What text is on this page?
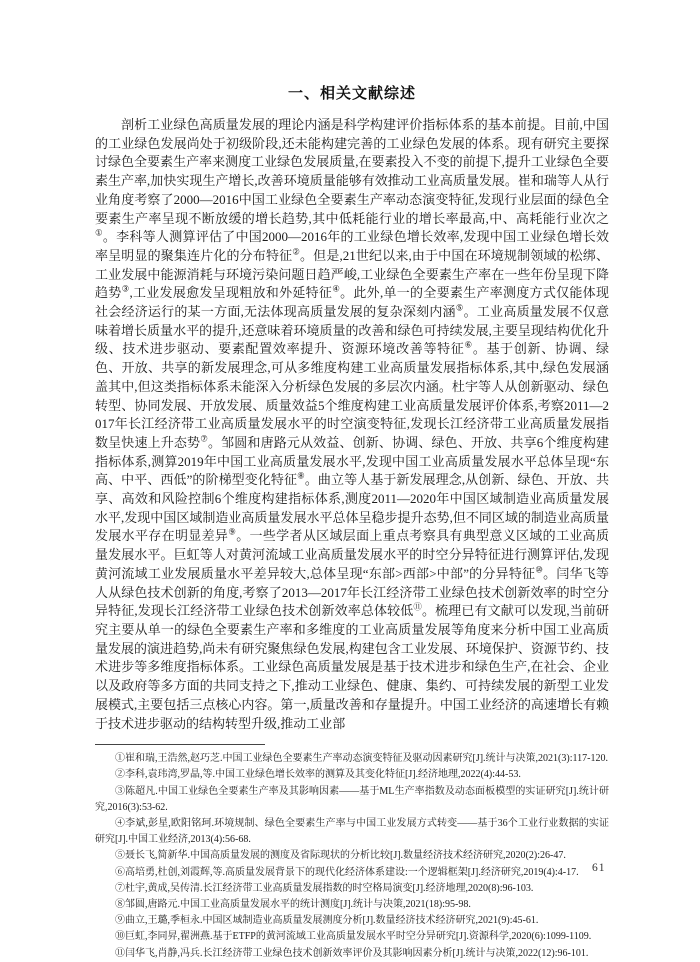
一、相关文献综述

剖析工业绿色高质量发展的理论内涵是科学构建评价指标体系的基本前提。目前,中国的工业绿色发展尚处于初级阶段,还未能构建完善的工业绿色发展的体系。现有研究主要探讨绿色全要素生产率来测度工业绿色发展质量,在要素投入不变的前提下,提升工业绿色全要素生产率,加快实现生产增长,改善环境质量能够有效推动工业高质量发展。崔和瑞等人从行业角度考察了2000—2016中国工业绿色全要素生产率动态演变特征,发现行业层面的绿色全要素生产率呈现不断放缓的增长趋势,其中低耗能行业的增长率最高,中、高耗能行业次之①。李科等人测算评估了中国2000—2016年的工业绿色增长效率,发现中国工业绿色增长效率呈明显的聚集连片化的分布特征②。但是,21世纪以来,由于中国在环境规制领域的松绑、工业发展中能源消耗与环境污染问题日趋严峻,工业绿色全要素生产率在一些年份呈现下降趋势③,工业发展愈发呈现粗放和外延特征④。此外,单一的全要素生产率测度方式仅能体现社会经济运行的某一方面,无法体现高质量发展的复杂深刻内涵⑤。工业高质量发展不仅意味着增长质量水平的提升,还意味着环境质量的改善和绿色可持续发展,主要呈现结构优化升级、技术进步驱动、要素配置效率提升、资源环境改善等特征⑥。基于创新、协调、绿色、开放、共享的新发展理念,可从多维度构建工业高质量发展指标体系,其中,绿色发展涵盖其中,但这类指标体系未能深入分析绿色发展的多层次内涵。杜宇等人从创新驱动、绿色转型、协同发展、开放发展、质量效益5个维度构建工业高质量发展评价体系,考察2011—2017年长江经济带工业高质量发展水平的时空演变特征,发现长江经济带工业高质量发展指数呈快速上升态势⑦。邹圆和唐路元从效益、创新、协调、绿色、开放、共享6个维度构建指标体系,测算2019年中国工业高质量发展水平,发现中国工业高质量发展水平总体呈现“东高、中平、西低”的阶梯型变化特征⑧。曲立等人基于新发展理念,从创新、绿色、开放、共享、高效和风险控制6个维度构建指标体系,测度2011—2020年中国区域制造业高质量发展水平,发现中国区域制造业高质量发展水平总体呈稳步提升态势,但不同区域的制造业高质量发展水平存在明显差异⑨。一些学者从区域层面上重点考察具有典型意义区域的工业高质量发展水平。巨虹等人对黄河流域工业高质量发展水平的时空分异特征进行测算评估,发现黄河流域工业发展质量水平差异较大,总体呈现“东部>西部>中部”的分异特征⑩。闫华飞等人从绿色技术创新的角度,考察了2013—2017年长江经济带工业绿色技术创新效率的时空分异特征,发现长江经济带工业绿色技术创新效率总体较低⑪。梳理已有文献可以发现,当前研究主要从单一的绿色全要素生产率和多维度的工业高质量发展等角度来分析中国工业高质量发展的演进趋势,尚未有研究聚焦绿色发展,构建包含工业发展、环境保护、资源节约、技术进步等多维度指标体系。工业绿色高质量发展是基于技术进步和绿色生产,在社会、企业以及政府等多方面的共同支持之下,推动工业绿色、健康、集约、可持续发展的新型工业发展模式,主要包括三点核心内容。第一,质量改善和存量提升。中国工业经济的高速增长有赖于技术进步驱动的结构转型升级,推动工业部

①崔和瑞,王浩然,赵巧芝.中国工业绿色全要素生产率动态演变特征及驱动因素研究[J].统计与决策,2021(3):117-120.
②李科,袁玮湾,罗晶,等.中国工业绿色增长效率的测算及其变化特征[J].经济地理,2022(4):44-53.
③陈超凡.中国工业绿色全要素生产率及其影响因素——基于ML生产率指数及动态面板模型的实证研究[J].统计研究,2016(3):53-62.
④李斌,彭星,欧阳铭珂.环境规制、绿色全要素生产率与中国工业发展方式转变——基于36个工业行业数据的实证研究[J].中国工业经济,2013(4):56-68.
⑤聂长飞,简新华.中国高质量发展的测度及省际现状的分析比较[J].数量经济技术经济研究,2020(2):26-47.
⑥高培勇,杜创,刘霞辉,等.高质量发展背景下的现代化经济体系建设:一个逻辑框架[J].经济研究,2019(4):4-17.
⑦杜宇,黄成,吴传清.长江经济带工业高质量发展指数的时空格局演变[J].经济地理,2020(8):96-103.
⑧邹圆,唐路元.中国工业高质量发展水平的统计测度[J].统计与决策,2021(18):95-98.
⑨曲立,王璐,季桓永.中国区域制造业高质量发展测度分析[J].数量经济技术经济研究,2021(9):45-61.
⑩巨虹,李同昇,翟洲燕.基于ETFP的黄河流域工业高质量发展水平时空分异研究[J].资源科学,2020(6):1099-1109.
⑪闫华飞,肖静,冯兵.长江经济带工业绿色技术创新效率评价及其影响因素分析[J].统计与决策,2022(12):96-101.
61
